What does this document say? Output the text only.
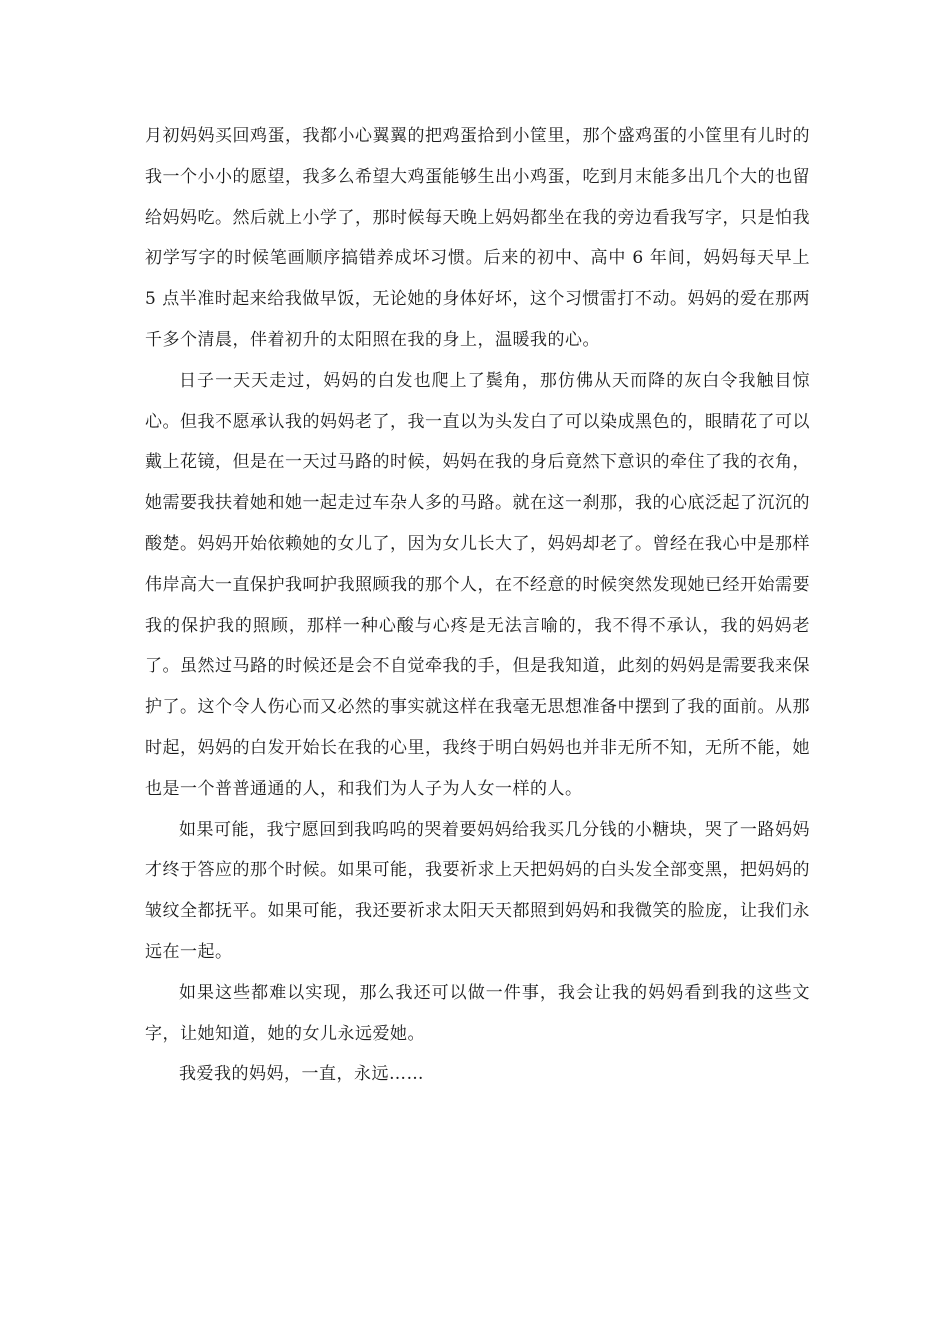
月初妈妈买回鸡蛋，我都小心翼翼的把鸡蛋拾到小筐里，那个盛鸡蛋的小筐里有儿时的我一个小小的愿望，我多么希望大鸡蛋能够生出小鸡蛋，吃到月末能多出几个大的也留给妈妈吃。然后就上小学了，那时候每天晚上妈妈都坐在我的旁边看我写字，只是怕我初学写字的时候笔画顺序搞错养成坏习惯。后来的初中、高中 6 年间，妈妈每天早上 5 点半准时起来给我做早饭，无论她的身体好坏，这个习惯雷打不动。妈妈的爱在那两千多个清晨，伴着初升的太阳照在我的身上，温暖我的心。

日子一天天走过，妈妈的白发也爬上了鬓角，那仿佛从天而降的灰白令我触目惊心。但我不愿承认我的妈妈老了，我一直以为头发白了可以染成黑色的，眼睛花了可以戴上花镜，但是在一天过马路的时候，妈妈在我的身后竟然下意识的牵住了我的衣角，她需要我扶着她和她一起走过车杂人多的马路。就在这一刹那，我的心底泛起了沉沉的酸楚。妈妈开始依赖她的女儿了，因为女儿长大了，妈妈却老了。曾经在我心中是那样伟岸高大一直保护我呵护我照顾我的那个人，在不经意的时候突然发现她已经开始需要我的保护我的照顾，那样一种心酸与心疼是无法言喻的，我不得不承认，我的妈妈老了。虽然过马路的时候还是会不自觉牵我的手，但是我知道，此刻的妈妈是需要我来保护了。这个令人伤心而又必然的事实就这样在我毫无思想准备中摆到了我的面前。从那时起，妈妈的白发开始长在我的心里，我终于明白妈妈也并非无所不知，无所不能，她也是一个普普通通的人，和我们为人子为人女一样的人。

如果可能，我宁愿回到我呜呜的哭着要妈妈给我买几分钱的小糖块，哭了一路妈妈才终于答应的那个时候。如果可能，我要祈求上天把妈妈的白头发全部变黑，把妈妈的皱纹全都抚平。如果可能，我还要祈求太阳天天都照到妈妈和我微笑的脸庞，让我们永远在一起。

如果这些都难以实现，那么我还可以做一件事，我会让我的妈妈看到我的这些文字，让她知道，她的女儿永远爱她。

我爱我的妈妈，一直，永远……
